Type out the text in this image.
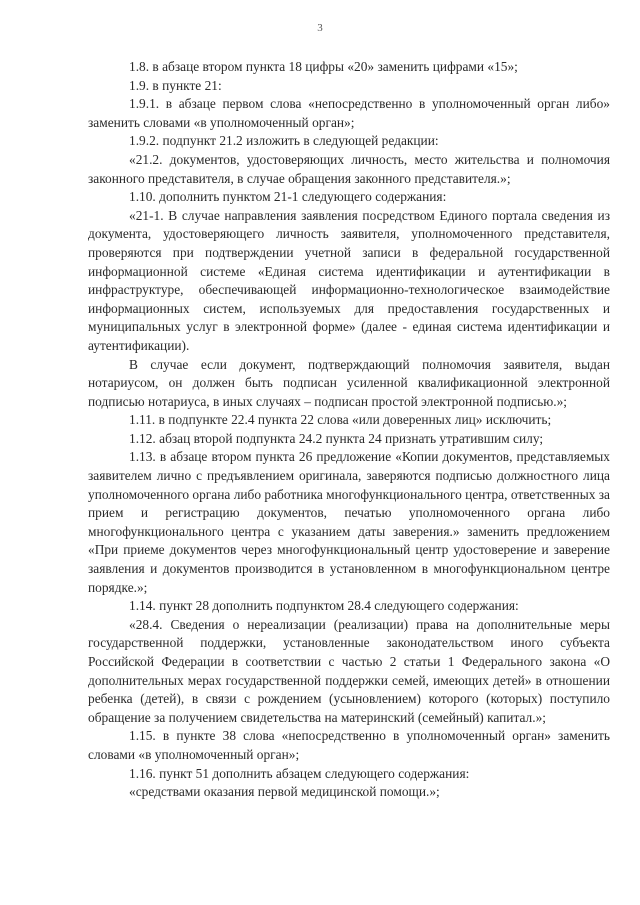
3

1.8. в абзаце втором пункта 18 цифры «20» заменить цифрами «15»;

1.9. в пункте 21:

1.9.1. в абзаце первом слова «непосредственно в уполномоченный орган либо» заменить словами «в уполномоченный орган»;

1.9.2. подпункт 21.2 изложить в следующей редакции:

«21.2. документов, удостоверяющих личность, место жительства и полномочия законного представителя, в случае обращения законного представителя.»;

1.10. дополнить пунктом 21-1 следующего содержания:

«21-1. В случае направления заявления посредством Единого портала сведения из документа, удостоверяющего личность заявителя, уполномоченного представителя, проверяются при подтверждении учетной записи в федеральной государственной информационной системе «Единая система идентификации и аутентификации в инфраструктуре, обеспечивающей информационно-технологическое взаимодействие информационных систем, используемых для предоставления государственных и муниципальных услуг в электронной форме» (далее - единая система идентификации и аутентификации).

В случае если документ, подтверждающий полномочия заявителя, выдан нотариусом, он должен быть подписан усиленной квалификационной электронной подписью нотариуса, в иных случаях – подписан простой электронной подписью.»;

1.11. в подпункте 22.4 пункта 22 слова «или доверенных лиц» исключить;

1.12. абзац второй подпункта 24.2 пункта 24 признать утратившим силу;

1.13. в абзаце втором пункта 26 предложение «Копии документов, представляемых заявителем лично с предъявлением оригинала, заверяются подписью должностного лица уполномоченного органа либо работника многофункционального центра, ответственных за прием и регистрацию документов, печатью уполномоченного органа либо многофункционального центра с указанием даты заверения.» заменить предложением «При приеме документов через многофункциональный центр удостоверение и заверение заявления и документов производится в установленном в многофункциональном центре порядке.»;

1.14. пункт 28 дополнить подпунктом 28.4 следующего содержания:

«28.4. Сведения о нереализации (реализации) права на дополнительные меры государственной поддержки, установленные законодательством иного субъекта Российской Федерации в соответствии с частью 2 статьи 1 Федерального закона «О дополнительных мерах государственной поддержки семей, имеющих детей» в отношении ребенка (детей), в связи с рождением (усыновлением) которого (которых) поступило обращение за получением свидетельства на материнский (семейный) капитал.»;

1.15. в пункте 38 слова «непосредственно в уполномоченный орган» заменить словами «в уполномоченный орган»;

1.16. пункт 51 дополнить абзацем следующего содержания:

«средствами оказания первой медицинской помощи.»;
